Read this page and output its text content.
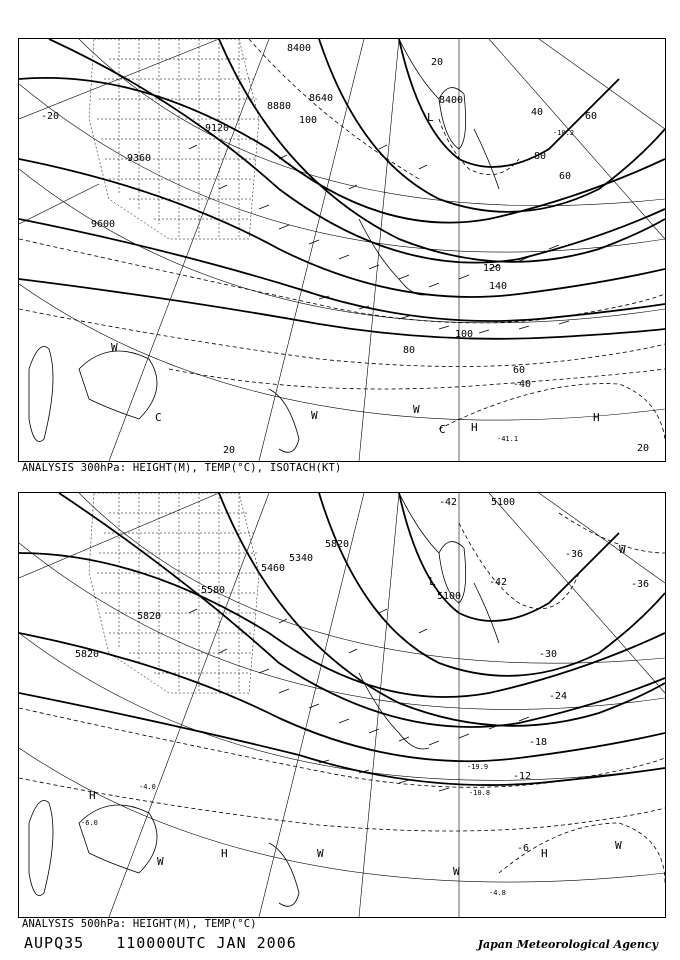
8400
8640
8880
9120
9360
9600
8400
20
40	60
100
120
140
100
80
60
20
60
80
20
-40
-20
-41.1
-10.2
L
H
H
W	W
W
C
C
ANALYSIS 300hPa: HEIGHT(M), TEMP(°C), ISOTACH(KT)
5100
5100
5340
5820
5580
5460
5820
5820
-42
-36
-30
-24
-18
-12
-6
-36
-42
-4.8
-6.0
-4.0
-10.8
-19.9
L
H
H	H
W
W
W
W
W
ANALYSIS 500hPa: HEIGHT(M), TEMP(°C)
AUPQ35 110000UTC JAN 2006	Japan Meteorological Agency
